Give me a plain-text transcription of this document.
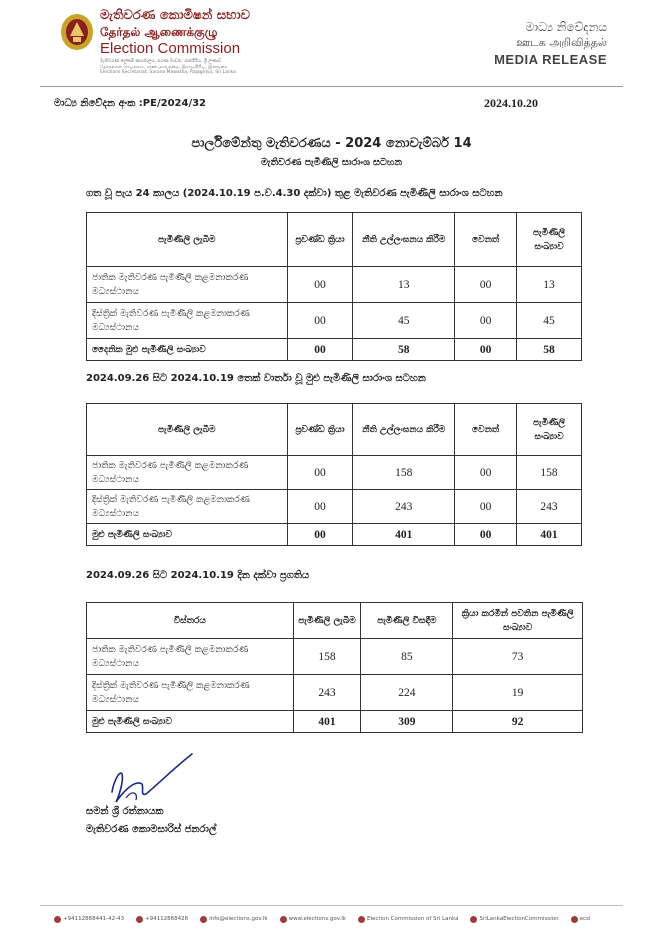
මැතිවරණ කොමිෂන් සභාව
தேர்தல் ஆணைக்குழு
Election Commission
මැතිවරණ ලේකම් කාර්යාලය, සරණ මාවත, රාජගිරිය, ශ්‍රී ලංකාව
தேர்தல்கள் செயலகம், சரண மாவத்தை, இராஜகிரிய, இலங்கை
Elections Secretariat, Sarana Mawatha, Rajagiriya, Sri Lanka
මාධ්‍ය නිවේදනය
ஊடக அறிவித்தல்
MEDIA RELEASE
මාධ්‍ය නිවේදන අංක :PE/2024/32	2024.10.20
පාර්ලිමේන්තු මැතිවරණය - 2024 නොවැම්බර් 14
මැතිවරණ පැමිණිලි සාරාංශ සටහන
ගත වූ පැය 24 කාලය (2024.10.19 ප.ව.4.30 දක්වා) තුළ මැතිවරණ පැමිණිලි සාරාංශ සටහන
පැමිණිලි ලැබීම	ප්‍රචණ්ඩ ක්‍රියා	නීති උල්ලංඝනය කිරීම	වෙනත්	පැමිණිලි සංඛ්‍යාව
ජාතික මැතිවරණ පැමිණිලි කළමනාකරණ මධ්‍යස්ථානය	00	13	00	13
දිස්ත්‍රික් මැතිවරණ පැමිණිලි කළමනාකරණ මධ්‍යස්ථානය	00	45	00	45
දෛනික මුළු පැමිණිලි සංඛ්‍යාව	00	58	00	58
2024.09.26 සිට 2024.10.19 තෙක් වාර්තා වූ මුළු පැමිණිලි සාරාංශ සටහන
පැමිණිලි ලැබීම	ප්‍රචණ්ඩ ක්‍රියා	නීති උල්ලංඝනය කිරීම	වෙනත්	පැමිණිලි සංඛ්‍යාව
ජාතික මැතිවරණ පැමිණිලි කළමනාකරණ මධ්‍යස්ථානය	00	158	00	158
දිස්ත්‍රික් මැතිවරණ පැමිණිලි කළමනාකරණ මධ්‍යස්ථානය	00	243	00	243
මුළු පැමිණිලි සංඛ්‍යාව	00	401	00	401
2024.09.26 සිට 2024.10.19 දින දක්වා ප්‍රගතිය
විස්තරය	පැමිණිලි ලැබීම	පැමිණිලි විසඳීම	ක්‍රියා කරමින් පවතින පැමිණිලි සංඛ්‍යාව
ජාතික මැතිවරණ පැමිණිලි කළමනාකරණ මධ්‍යස්ථානය	158	85	73
දිස්ත්‍රික් මැතිවරණ පැමිණිලි කළමනාකරණ මධ්‍යස්ථානය	243	224	19
මුළු පැමිණිලි සංඛ්‍යාව	401	309	92
සමන් ශ්‍රී රත්නායක
මැතිවරණ කොමසාරිස් ජනරාල්
+94112868441-42-43	+94112868426	info@elections.gov.lk	www.elections.gov.lk	Election Commission of Sri Lanka	SriLankaElectionCommission	ecsl
